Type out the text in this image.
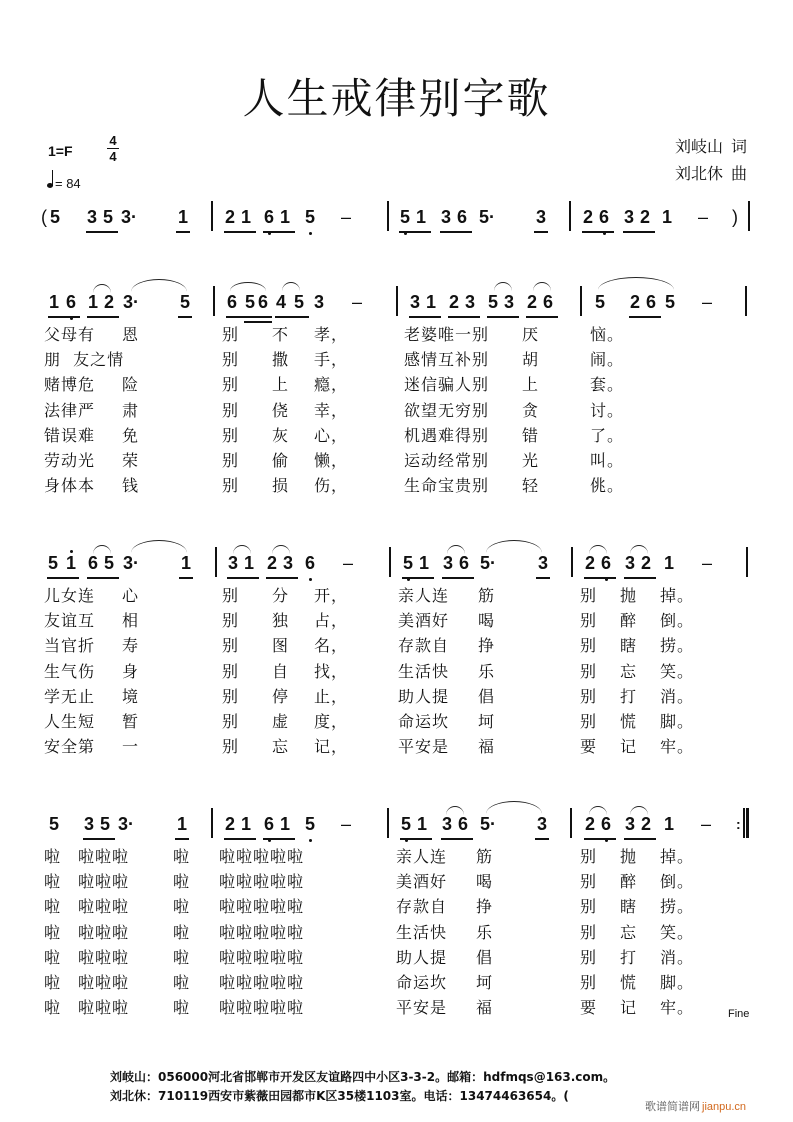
人生戒律别字歌
1=F
4
4
= 84
刘岐山 词
刘北休 曲
( 5 3 5 3· 1 2 1 6 1 5 –	5 1 3 6 5· 3 2 6 3 2 1 – )
1 6 1 2 3· 5 6 5 6 4 5 3 –	3 1 2 3 5 3 2 6 5 2 6 5 –
父母有 恩	别 不 孝，	老婆唯一别 厌	恼。
朋  友之情	别 撒 手，	感情互补别 胡	闹。
赌博危 险	别 上 瘾，	迷信骗人别 上	套。
法律严 肃	别 侥 幸，	欲望无穷别 贪	讨。
错误难 免	别 灰 心，	机遇难得别 错	了。
劳动光 荣	别 偷 懒，	运动经常别 光	叫。
身体本 钱	别 损 伤，	生命宝贵别 轻	佻。
5 1 6 5 3· 1 3 1 2 3 6 –	5 1 3 6 5· 3 2 6 3 2 1 –
儿女连 心	别 分 开，	亲人连 筋	别 抛 掉。
友谊互 相	别 独 占，	美酒好 喝	别 醉 倒。
当官折 寿	别 图 名，	存款自 挣	别 瞎 捞。
生气伤 身	别 自 找，	生活快 乐	别 忘 笑。
学无止 境	别 停 止，	助人提 倡	别 打 消。
人生短 暂	别 虚 度，	命运坎 坷	别 慌 脚。
安全第 一	别 忘 记，	平安是 福	要 记 牢。
5 3 5 3· 1 2 1 6 1 5 –	5 1 3 6 5· 3 2 6 3 2 1 – :
啦 啦啦啦	啦 啦啦啦啦啦	亲人连 筋	别 抛 掉。
啦 啦啦啦	啦 啦啦啦啦啦	美酒好 喝	别 醉 倒。
啦 啦啦啦	啦 啦啦啦啦啦	存款自 挣	别 瞎 捞。
啦 啦啦啦	啦 啦啦啦啦啦	生活快 乐	别 忘 笑。
啦 啦啦啦	啦 啦啦啦啦啦	助人提 倡	别 打 消。
啦 啦啦啦	啦 啦啦啦啦啦	命运坎 坷	别 慌 脚。
啦 啦啦啦	啦 啦啦啦啦啦	平安是 福	要 记 牢。	Fine
刘岐山：056000河北省邯郸市开发区友谊路四中小区3-3-2。邮箱：hdfmqs@163.com。
刘北休：710119西安市紫薇田园都市K区35楼1103室。电话：13474463654。(
歌谱简谱网 jianpu.cn
